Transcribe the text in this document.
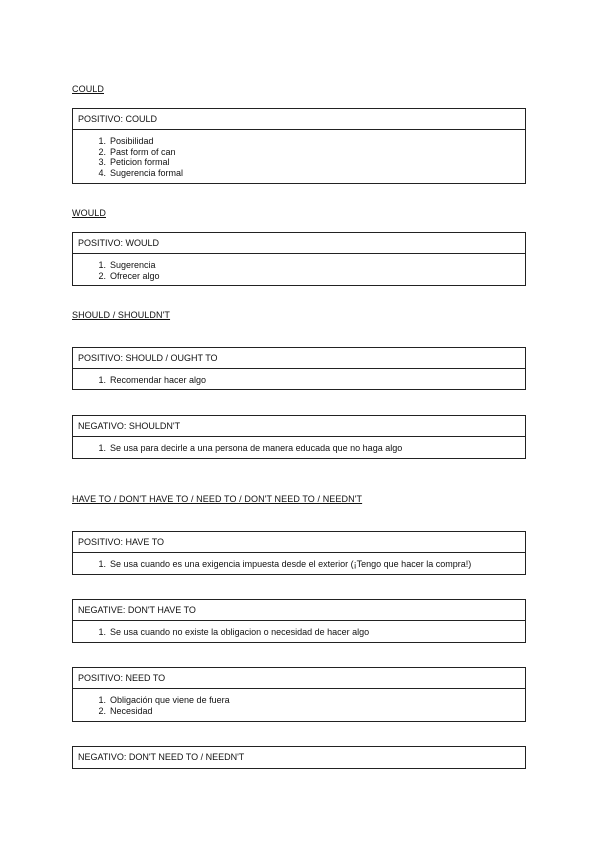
COULD
POSITIVO: COULD
1. Posibilidad
2. Past form of can
3. Peticion formal
4. Sugerencia formal
WOULD
POSITIVO: WOULD
1. Sugerencia
2. Ofrecer algo
SHOULD / SHOULDN'T
POSITIVO: SHOULD / OUGHT TO
1. Recomendar hacer algo
NEGATIVO: SHOULDN'T
1. Se usa para decirle a una persona de manera educada que no haga algo
HAVE TO / DON'T HAVE TO / NEED TO / DON'T NEED TO / NEEDN'T
POSITIVO: HAVE TO
1. Se usa cuando es una exigencia impuesta desde el exterior (¡Tengo que hacer la compra!)
NEGATIVE: DON'T HAVE TO
1. Se usa cuando no existe la obligacion o necesidad de hacer algo
POSITIVO: NEED TO
1. Obligación que viene de fuera
2. Necesidad
NEGATIVO: DON'T NEED TO / NEEDN'T
